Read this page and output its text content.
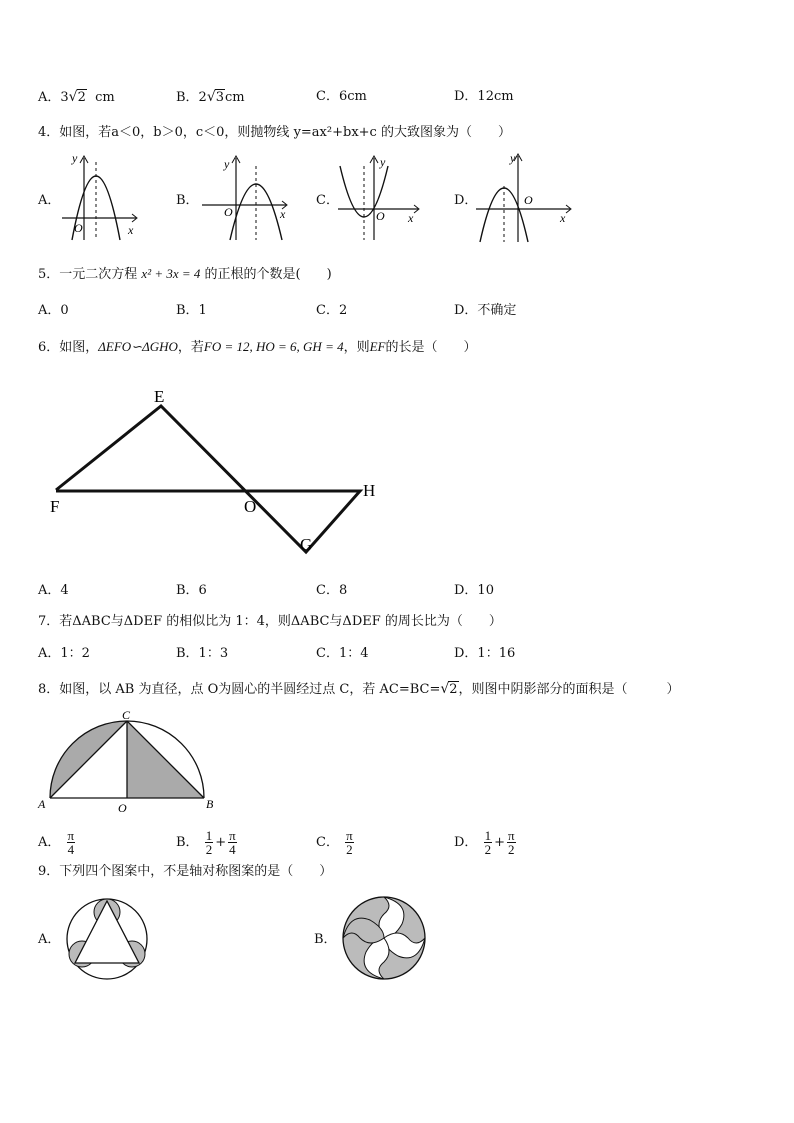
A．3√2 cm	B．2√3cm	C．6cm	D．12cm
4．如图，若a＜0，b＞0，c＜0，则抛物线 y=ax²+bx+c 的大致图象为（　　）
A．	B．	C．	D．
y
x
O
y
x
O
y
x
O
y
x
O
5．一元二次方程 x² + 3x = 4 的正根的个数是(　　)
A．0	B．1	C．2	D．不确定
6．如图，ΔEFO∽ΔGHO，若FO = 12, HO = 6, GH = 4，则EF的长是（　　）
E
F	O
H
G
A．4	B．6	C．8	D．10
7．若ΔABC与ΔDEF 的相似比为 1：4，则ΔABC与ΔDEF 的周长比为（　　）
A．1：2	B．1：3	C．1：4	D．1：16
8．如图，以 AB 为直径，点 O为圆心的半圆经过点 C，若 AC=BC=√2，则图中阴影部分的面积是（　　　）
C
A	O	B
A． $\frac{\pi}{4}$	B． $\frac{1}{2} + \frac{\pi}{4}$	C． $\frac{\pi}{2}$	D． $\frac{1}{2} + \frac{\pi}{2}$
9．下列四个图案中，不是轴对称图案的是（　　）
A．	B．
